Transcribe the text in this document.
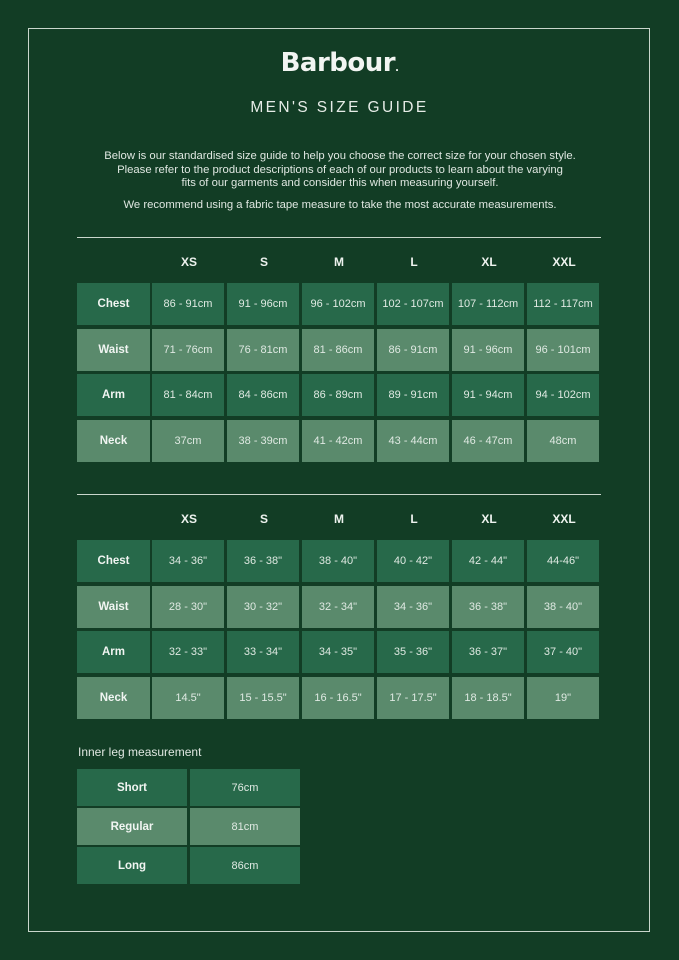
Barbour.
MEN'S SIZE GUIDE

Below is our standardised size guide to help you choose the correct size for your chosen style.

Please refer to the product descriptions of each of our products to learn about the varying

fits of our garments and consider this when measuring yourself.

We recommend using a fabric tape measure to take the most accurate measurements.

XS	S	M	L	XL	XXL
Chest	86 - 91cm	91 - 96cm	96 - 102cm	102 - 107cm	107 - 112cm	112 - 117cm
Waist	71 - 76cm	76 - 81cm	81 - 86cm	86 - 91cm	91 - 96cm	96 - 101cm
Arm	81 - 84cm	84 - 86cm	86 - 89cm	89 - 91cm	91 - 94cm	94 - 102cm
Neck	37cm	38 - 39cm	41 - 42cm	43 - 44cm	46 - 47cm	48cm
XS	S	M	L	XL	XXL
Chest	34 - 36"	36 - 38"	38 - 40"	40 - 42"	42 - 44"	44-46"
Waist	28 - 30"	30 - 32"	32 - 34"	34 - 36"	36 - 38"	38 - 40"
Arm	32 - 33"	33 - 34"	34 - 35"	35 - 36"	36 - 37"	37 - 40"
Neck	14.5"	15 - 15.5"	16 - 16.5"	17 - 17.5"	18 - 18.5"	19"
Inner leg measurement
Short	76cm
Regular	81cm
Long	86cm
